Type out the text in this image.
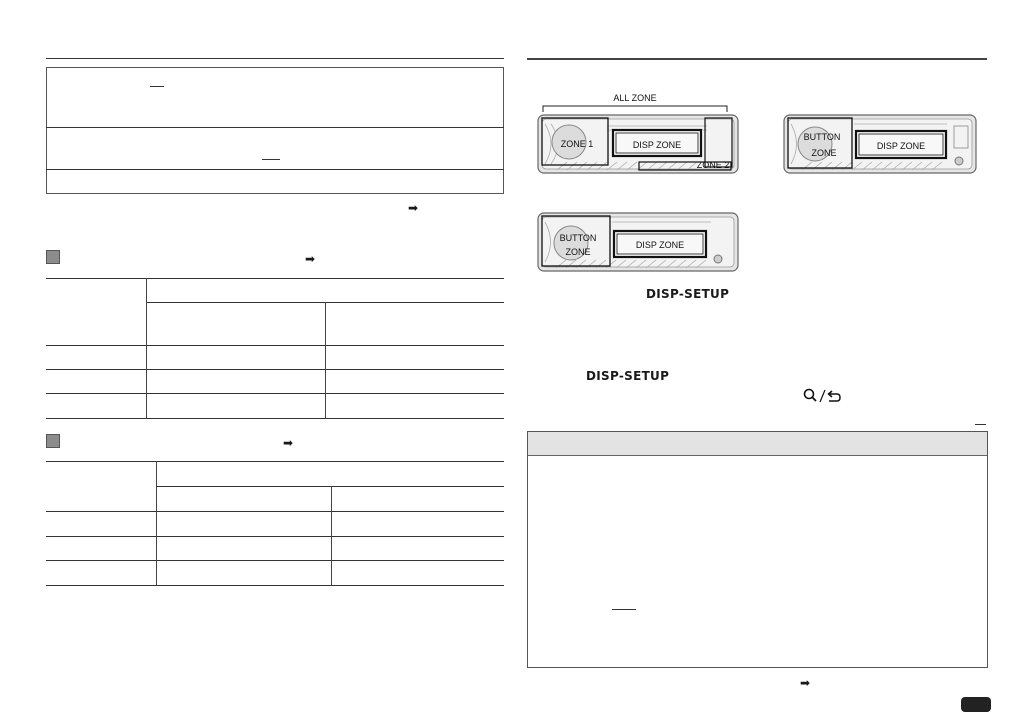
➡
➡
➡
ALL ZONE
ZONE 1	DISP ZONE
ZONE 2
BUTTON
ZONE
DISP ZONE
BUTTON
ZONE
DISP ZONE
DISP-SETUP
DISP-SETUP
➡
